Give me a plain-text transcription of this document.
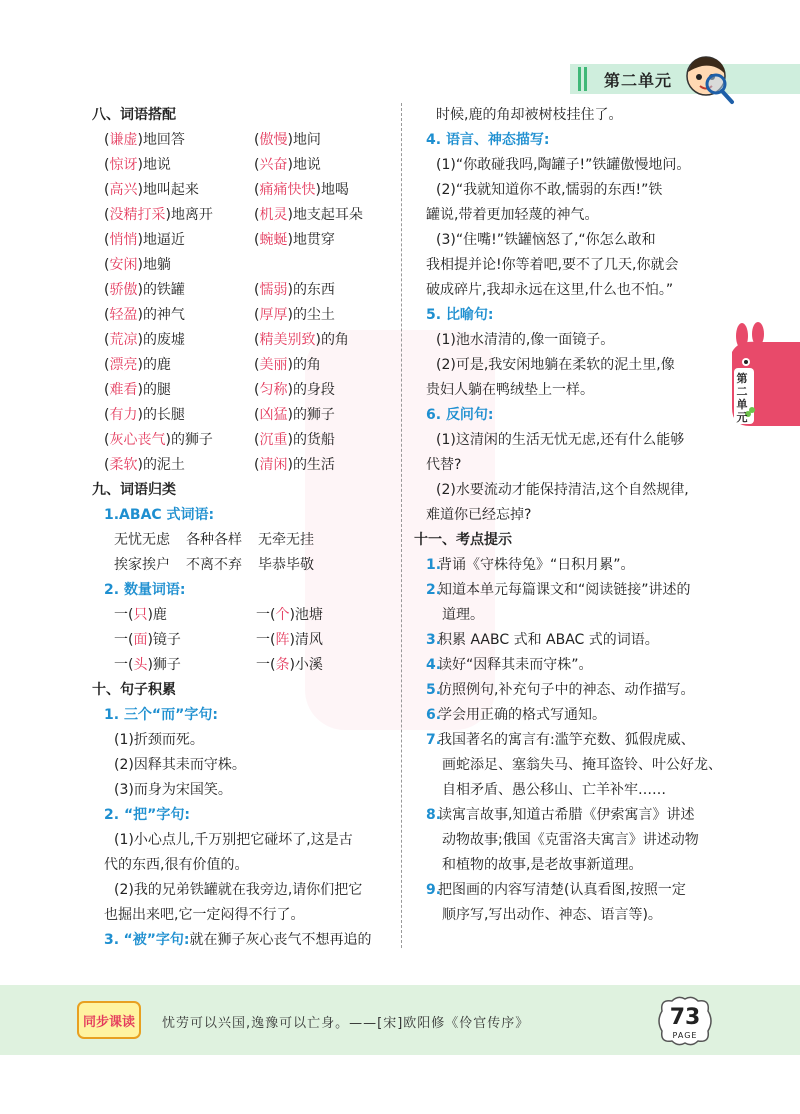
第二单元
第二单元
八、词语搭配
(谦虚)地回答	(傲慢)地问
(惊讶)地说	(兴奋)地说
(高兴)地叫起来	(痛痛快快)地喝
(没精打采)地离开	(机灵)地支起耳朵
(悄悄)地逼近	(蜿蜒)地贯穿
(安闲)地躺
(骄傲)的铁罐	(懦弱)的东西
(轻盈)的神气	(厚厚)的尘土
(荒凉)的废墟	(精美别致)的角
(漂亮)的鹿	(美丽)的角
(难看)的腿	(匀称)的身段
(有力)的长腿	(凶猛)的狮子
(灰心丧气)的狮子	(沉重)的货船
(柔软)的泥土	(清闲)的生活
九、词语归类
1.ABAC 式词语:
无忧无虑 各种各样 无牵无挂
挨家挨户 不离不弃 毕恭毕敬
2. 数量词语:
一(只)鹿	一(个)池塘
一(面)镜子	一(阵)清风
一(头)狮子	一(条)小溪
十、句子积累
1. 三个“而”字句:
(1)折颈而死。
(2)因释其耒而守株。
(3)而身为宋国笑。
2. “把”字句:
(1)小心点儿,千万别把它碰坏了,这是古
代的东西,很有价值的。
(2)我的兄弟铁罐就在我旁边,请你们把它
也掘出来吧,它一定闷得不行了。
3. “被”字句:就在狮子灰心丧气不想再追的
时候,鹿的角却被树枝挂住了。
4. 语言、神态描写:
(1)“你敢碰我吗,陶罐子!”铁罐傲慢地问。
(2)“我就知道你不敢,懦弱的东西!”铁
罐说,带着更加轻蔑的神气。
(3)“住嘴!”铁罐恼怒了,“你怎么敢和
我相提并论!你等着吧,要不了几天,你就会
破成碎片,我却永远在这里,什么也不怕。”
5. 比喻句:
(1)池水清清的,像一面镜子。
(2)可是,我安闲地躺在柔软的泥土里,像
贵妇人躺在鸭绒垫上一样。
6. 反问句:
(1)这清闲的生活无忧无虑,还有什么能够
代替?
(2)水要流动才能保持清洁,这个自然规律,
难道你已经忘掉?
十一、考点提示
1.背诵《守株待兔》“日积月累”。
2.知道本单元每篇课文和“阅读链接”讲述的
道理。
3.积累 AABC 式和 ABAC 式的词语。
4.读好“因释其耒而守株”。
5.仿照例句,补充句子中的神态、动作描写。
6.学会用正确的格式写通知。
7.我国著名的寓言有:滥竽充数、狐假虎威、
画蛇添足、塞翁失马、掩耳盗铃、叶公好龙、
自相矛盾、愚公移山、亡羊补牢……
8.读寓言故事,知道古希腊《伊索寓言》讲述
动物故事;俄国《克雷洛夫寓言》讲述动物
和植物的故事,是老故事新道理。
9.把图画的内容写清楚(认真看图,按照一定
顺序写,写出动作、神态、语言等)。
同步课读 忧劳可以兴国,逸豫可以亡身。——[宋]欧阳修《伶官传序》	73
PAGE
